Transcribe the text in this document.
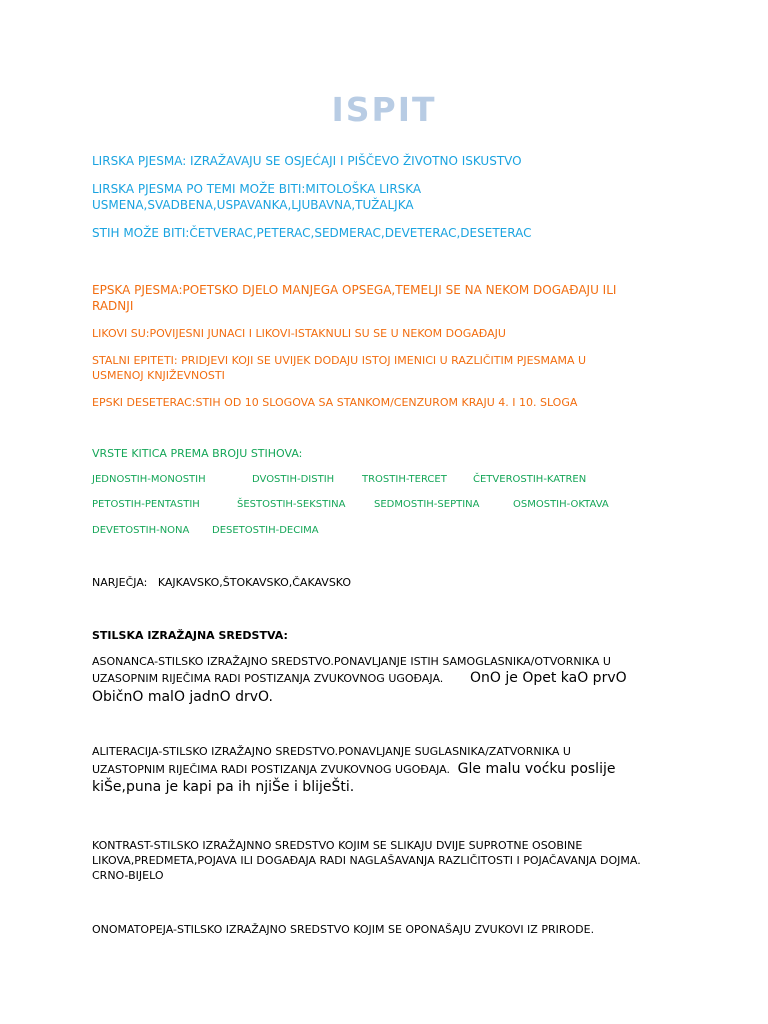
ISPIT

LIRSKA PJESMA: IZRAŽAVAJU SE OSJEĆAJI I PIŠČEVO ŽIVOTNO ISKUSTVO

LIRSKA PJESMA PO TEMI MOŽE BITI:MITOLOŠKA LIRSKA

USMENA,SVADBENA,USPAVANKA,LJUBAVNA,TUŽALJKA

STIH MOŽE BITI:ČETVERAC,PETERAC,SEDMERAC,DEVETERAC,DESETERAC

EPSKA PJESMA:POETSKO DJELO MANJEGA OPSEGA,TEMELJI SE NA NEKOM DOGAĐAJU ILI

RADNJI

LIKOVI SU:POVIJESNI JUNACI I LIKOVI-ISTAKNULI SU SE U NEKOM DOGAĐAJU

STALNI EPITETI: PRIDJEVI KOJI SE UVIJEK DODAJU ISTOJ IMENICI U RAZLIČITIM PJESMAMA U

USMENOJ KNJIŽEVNOSTI

EPSKI DESETERAC:STIH OD 10 SLOGOVA SA STANKOM/CENZUROM KRAJU 4. I 10. SLOGA

VRSTE KITICA PREMA BROJU STIHOVA:

JEDNOSTIH-MONOSTIH	DVOSTIH-DISTIH	TROSTIH-TERCET	ČETVEROSTIH-KATREN
PETOSTIH-PENTASTIH	ŠESTOSTIH-SEKSTINA	SEDMOSTIH-SEPTINA	OSMOSTIH-OKTAVA
DEVETOSTIH-NONA DESETOSTIH-DECIMA

NARJEČJA: KAJKAVSKO,ŠTOKAVSKO,ČAKAVSKO

STILSKA IZRAŽAJNA SREDSTVA:

ASONANCA-STILSKO IZRAŽAJNO SREDSTVO.PONAVLJANJE ISTIH SAMOGLASNIKA/OTVORNIKA U

UZASOPNIM RIJEČIMA RADI POSTIZANJA ZVUKOVNOG UGOĐAJA. OnO je Opet kaO prvO

ObičnO malO jadnO drvO.

ALITERACIJA-STILSKO IZRAŽAJNO SREDSTVO.PONAVLJANJE SUGLASNIKA/ZATVORNIKA U

UZASTOPNIM RIJEČIMA RADI POSTIZANJA ZVUKOVNOG UGOĐAJA. Gle malu voćku poslije

kiŠe,puna je kapi pa ih njiŠe i blijeŠti.

KONTRAST-STILSKO IZRAŽAJNNO SREDSTVO KOJIM SE SLIKAJU DVIJE SUPROTNE OSOBINE

LIKOVA,PREDMETA,POJAVA ILI DOGAĐAJA RADI NAGLAŠAVANJA RAZLIČITOSTI I POJAČAVANJA DOJMA.

CRNO-BIJELO

ONOMATOPEJA-STILSKO IZRAŽAJNO SREDSTVO KOJIM SE OPONAŠAJU ZVUKOVI IZ PRIRODE.
